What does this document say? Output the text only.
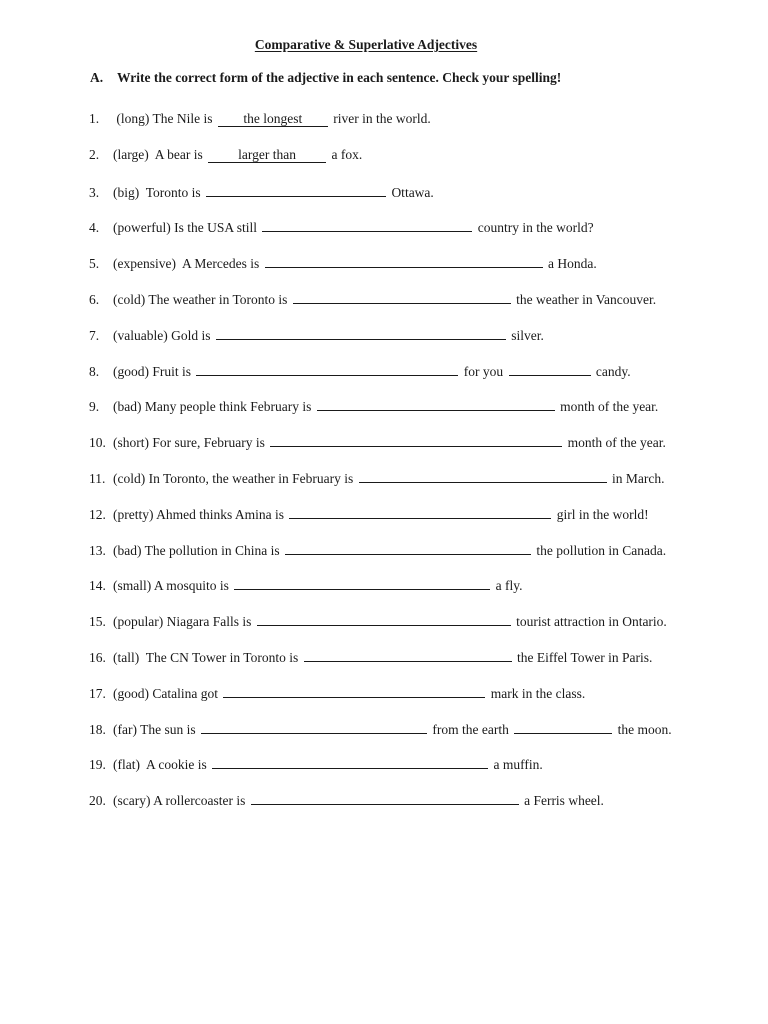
Comparative & Superlative Adjectives
A. Write the correct form of the adjective in each sentence. Check your spelling!
1. (long) The Nile is the longest river in the world.
2. (large)  A bear is larger than a fox.
3. (big)  Toronto is	Ottawa.
4. (powerful) Is the USA still	country in the world?
5. (expensive)  A Mercedes is	a Honda.
6. (cold) The weather in Toronto is	the weather in Vancouver.
7. (valuable) Gold is	silver.
8. (good) Fruit is	for you	candy.
9. (bad) Many people think February is	month of the year.
10. (short) For sure, February is	month of the year.
11. (cold) In Toronto, the weather in February is	in March.
12. (pretty) Ahmed thinks Amina is	girl in the world!
13. (bad) The pollution in China is	the pollution in Canada.
14. (small) A mosquito is	a fly.
15. (popular) Niagara Falls is	tourist attraction in Ontario.
16. (tall)  The CN Tower in Toronto is	the Eiffel Tower in Paris.
17. (good) Catalina got	mark in the class.
18. (far) The sun is	from the earth	the moon.
19. (flat)  A cookie is	a muffin.
20. (scary) A rollercoaster is	a Ferris wheel.
